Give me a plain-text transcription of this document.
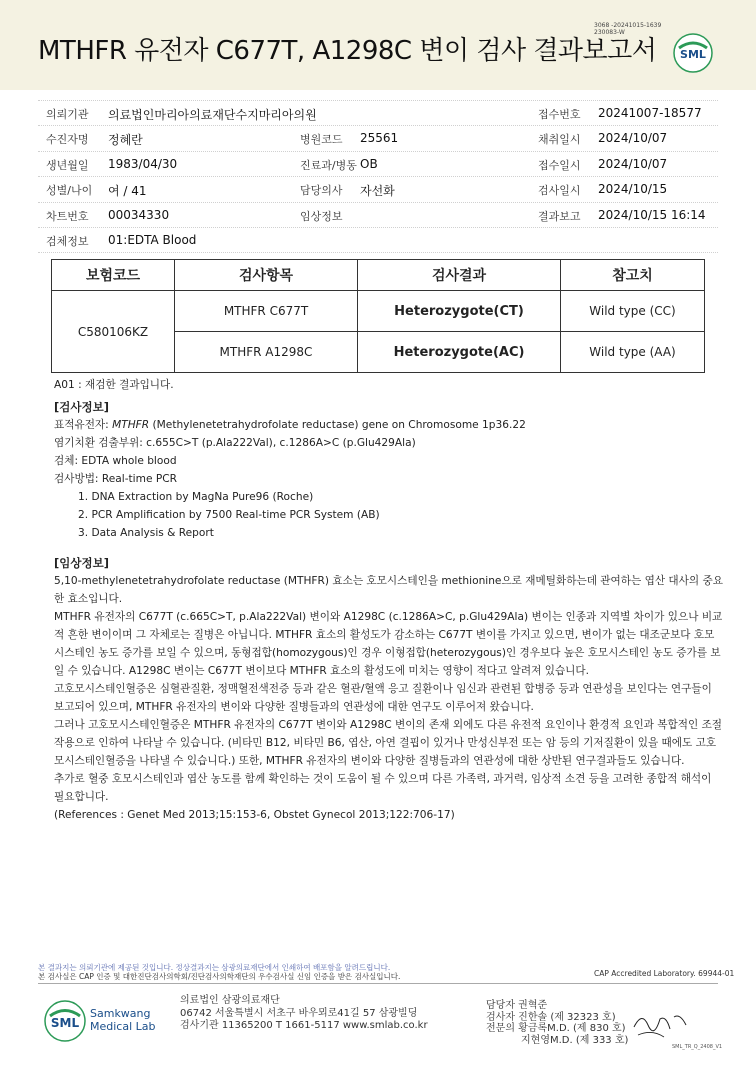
MTHFR 유전자 C677T, A1298C 변이 검사 결과보고서
3068 -20241015-1639
230083-W
SML
의뢰기관 의료법인마리아의료재단수지마리아의원	접수번호 20241007-18577
수진자명 정혜란	병원코드 25561	채취일시 2024/10/07
생년월일 1983/04/30	진료과/병동 OB	접수일시 2024/10/07
성별/나이 여 / 41	담당의사 자선화	검사일시 2024/10/15
차트번호 00034330	임상정보	결과보고 2024/10/15 16:14
검체정보 01:EDTA Blood
보험코드	검사항목	검사결과	참고치
C580106KZ	MTHFR C677T	Heterozygote(CT)	Wild type (CC)
	MTHFR A1298C	Heterozygote(AC)	Wild type (AA)

A01 : 재검한 결과입니다.

[검사정보]

표적유전자: MTHFR (Methylenetetrahydrofolate reductase) gene on Chromosome 1p36.22

염기치환 검출부위: c.655C>T (p.Ala222Val), c.1286A>C (p.Glu429Ala)

검체: EDTA whole blood

검사방법: Real-time PCR

1. DNA Extraction by MagNa Pure96 (Roche)

2. PCR Amplification by 7500 Real-time PCR System (AB)

3. Data Analysis & Report

[임상정보]

5,10-methylenetetrahydrofolate reductase (MTHFR) 효소는 호모시스테인을 methionine으로 재메틸화하는데 관여하는 엽산 대사의 중요한 효소입니다.

MTHFR 유전자의 C677T (c.665C>T, p.Ala222Val) 변이와 A1298C (c.1286A>C, p.Glu429Ala) 변이는 인종과 지역별 차이가 있으나 비교적 흔한 변이이며 그 자체로는 질병은 아닙니다. MTHFR 효소의 활성도가 감소하는 C677T 변이를 가지고 있으면, 변이가 없는 대조군보다 호모시스테인 농도 증가를 보일 수 있으며, 동형접합(homozygous)인 경우 이형접합(heterozygous)인 경우보다 높은 호모시스테인 농도 증가를 보일 수 있습니다. A1298C 변이는 C677T 변이보다 MTHFR 효소의 활성도에 미치는 영향이 적다고 알려져 있습니다.

고호모시스테인혈증은 심혈관질환, 정맥혈전색전증 등과 같은 혈관/혈액 응고 질환이나 임신과 관련된 합병증 등과 연관성을 보인다는 연구들이 보고되어 있으며, MTHFR 유전자의 변이와 다양한 질병들과의 연관성에 대한 연구도 이루어져 왔습니다.

그러나 고호모시스테인혈증은 MTHFR 유전자의 C677T 변이와 A1298C 변이의 존재 외에도 다른 유전적 요인이나 환경적 요인과 복합적인 조절작용으로 인하여 나타날 수 있습니다. (비타민 B12, 비타민 B6, 엽산, 아연 결핍이 있거나 만성신부전 또는 암 등의 기저질환이 있을 때에도 고호모시스테인혈증을 나타낼 수 있습니다.) 또한, MTHFR 유전자의 변이와 다양한 질병들과의 연관성에 대한 상반된 연구결과들도 있습니다.

추가로 혈중 호모시스테인과 엽산 농도를 함께 확인하는 것이 도움이 될 수 있으며 다른 가족력, 과거력, 임상적 소견 등을 고려한 종합적 해석이 필요합니다.

(References : Genet Med 2013;15:153-6, Obstet Gynecol 2013;122:706-17)

본 결과지는 의뢰기관에 제공된 것입니다. 정상결과지는 삼광의료재단에서 인쇄하여 배포함을 알려드립니다.
본 검사실은 CAP 인증 및 대한진단검사의학회/진단검사의학재단의 우수검사실 신임 인증을 받은 검사실입니다.	CAP Accredited Laboratory. 69944-01
SML
Samkwang
Medical Lab
의료법인 삼광의료재단
06742 서울특별시 서초구 바우뫼로41길 57 삼광빌딩
검사기관 11365200 T 1661-5117 www.smlab.co.kr
담당자 권혁준
검사자 진한솔 (제 32323 호)
전문의 황금록M.D. (제 830 호)
지현영M.D. (제 333 호)
SML_TR_Q_2408_V1
